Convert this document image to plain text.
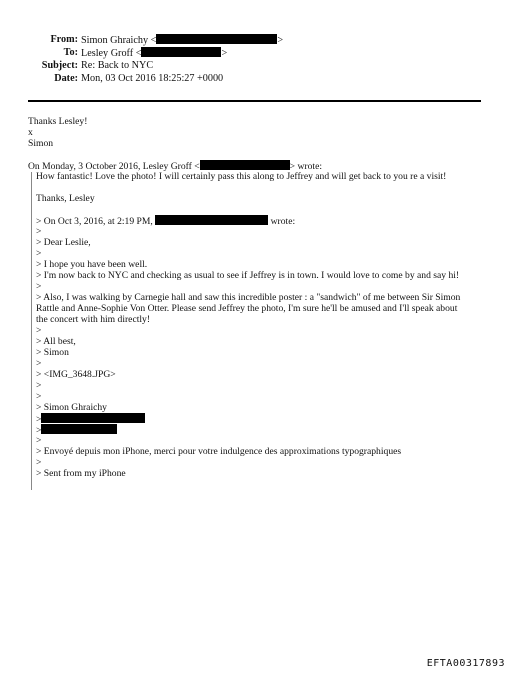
From: Simon Ghraichy <	>
To: Lesley Groff <	>
Subject: Re: Back to NYC
Date: Mon, 03 Oct 2016 18:25:27 +0000
Thanks Lesley!
x
Simon
On Monday, 3 October 2016, Lesley Groff <	> wrote:
How fantastic! Love the photo! I will certainly pass this along to Jeffrey and will get back to you re a visit!
Thanks, Lesley
> On Oct 3, 2016, at 2:19 PM,	wrote:
>
> Dear Leslie,
>
> I hope you have been well.
> I'm now back to NYC and checking as usual to see if Jeffrey is in town. I would love to come by and say hi!
>
> Also, I was walking by Carnegie hall and saw this incredible poster : a "sandwich" of me between Sir Simon
Rattle and Anne-Sophie Von Otter. Please send Jeffrey the photo, I'm sure he'll be amused and I'll speak about
the concert with him directly!
>
> All best,
> Simon
>
> <IMG_3648.JPG>
>
>
> Simon Ghraichy
>
>
>
> Envoyé depuis mon iPhone, merci pour votre indulgence des approximations typographiques
>
> Sent from my iPhone
EFTA00317893
